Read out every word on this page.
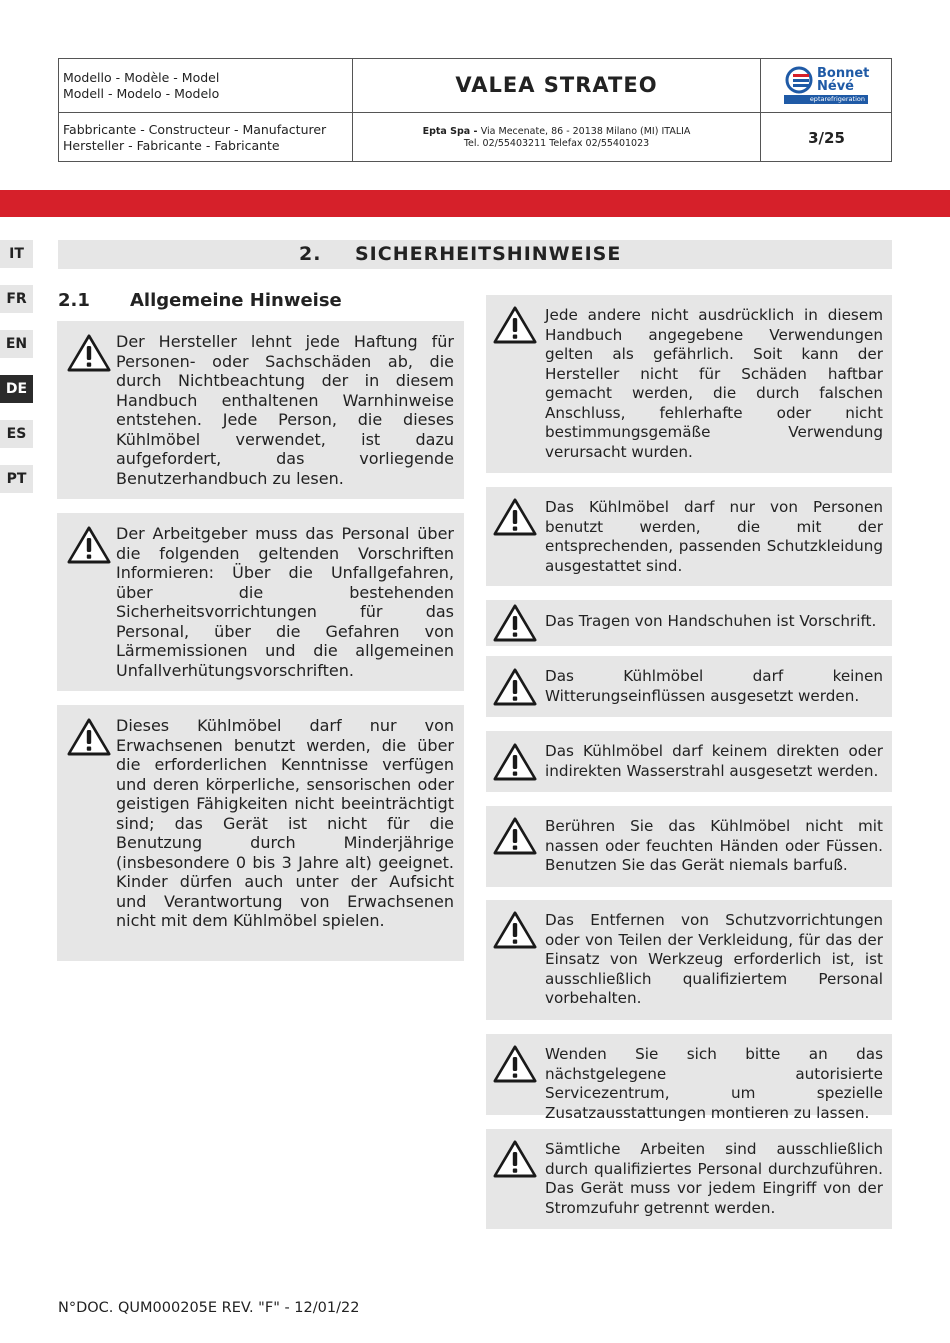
Modello - Modèle - Model
Modell - Modelo - Modelo	VALEA STRATEO
Fabbricante - Constructeur - Manufacturer
Hersteller - Fabricante - Fabricante
Epta Spa - Via Mecenate, 86 - 20138 Milano (MI) ITALIA
Tel. 02/55403211 Telefax 02/55401023	3/25
Bonnet
Névé
eptarefrigeration
IT
FR
EN
DE
ES
PT
2. SICHERHEITSHINWEISE
2.1 Allgemeine Hinweise
Der Hersteller lehnt jede Haftung für Personen- oder Sachschäden ab, die durch Nichtbeachtung der in diesem Handbuch enthaltenen Warnhinweise entstehen. Jede Person, die dieses Kühlmöbel verwendet, ist dazu aufgefordert, das vorliegende Benutzerhandbuch zu lesen.
Der Arbeitgeber muss das Personal über die folgenden geltenden Vorschriften Informieren: Über die Unfallgefahren, über die bestehenden Sicherheitsvorrichtungen für das Personal, über die Gefahren von Lärmemissionen und die allgemeinen Unfallverhütungsvorschriften.
Dieses Kühlmöbel darf nur von Erwachsenen benutzt werden, die über die erforderlichen Kenntnisse verfügen und deren körperliche, sensorischen oder geistigen Fähigkeiten nicht beeinträchtigt sind; das Gerät ist nicht für die Benutzung durch Minderjährige (insbesondere 0 bis 3 Jahre alt) geeignet. Kinder dürfen auch unter der Aufsicht und Verantwortung von Erwachsenen nicht mit dem Kühlmöbel spielen.
Jede andere nicht ausdrücklich in diesem Handbuch angegebene Verwendungen gelten als gefährlich. Soit kann der Hersteller nicht für Schäden haftbar gemacht werden, die durch falschen Anschluss, fehlerhafte oder nicht bestimmungsgemäße Verwendung verursacht wurden.
Das Kühlmöbel darf nur von Personen benutzt werden, die mit der entsprechenden, passenden Schutzkleidung ausgestattet sind.
Das Tragen von Handschuhen ist Vorschrift.
Das Kühlmöbel darf keinen Witterungseinflüssen ausgesetzt werden.
Das Kühlmöbel darf keinem direkten oder indirekten Wasserstrahl ausgesetzt werden.
Berühren Sie das Kühlmöbel nicht mit nassen oder feuchten Händen oder Füssen. Benutzen Sie das Gerät niemals barfuß.
Das Entfernen von Schutzvorrichtungen oder von Teilen der Verkleidung, für das der Einsatz von Werkzeug erforderlich ist, ist ausschließlich qualifiziertem Personal vorbehalten.
Wenden Sie sich bitte an das nächstgelegene autorisierte Servicezentrum, um spezielle Zusatzausstattungen montieren zu lassen.
Sämtliche Arbeiten sind ausschließlich durch qualifiziertes Personal durchzuführen. Das Gerät muss vor jedem Eingriff von der Stromzufuhr getrennt werden.
N°DOC. QUM000205E REV. "F" - 12/01/22
